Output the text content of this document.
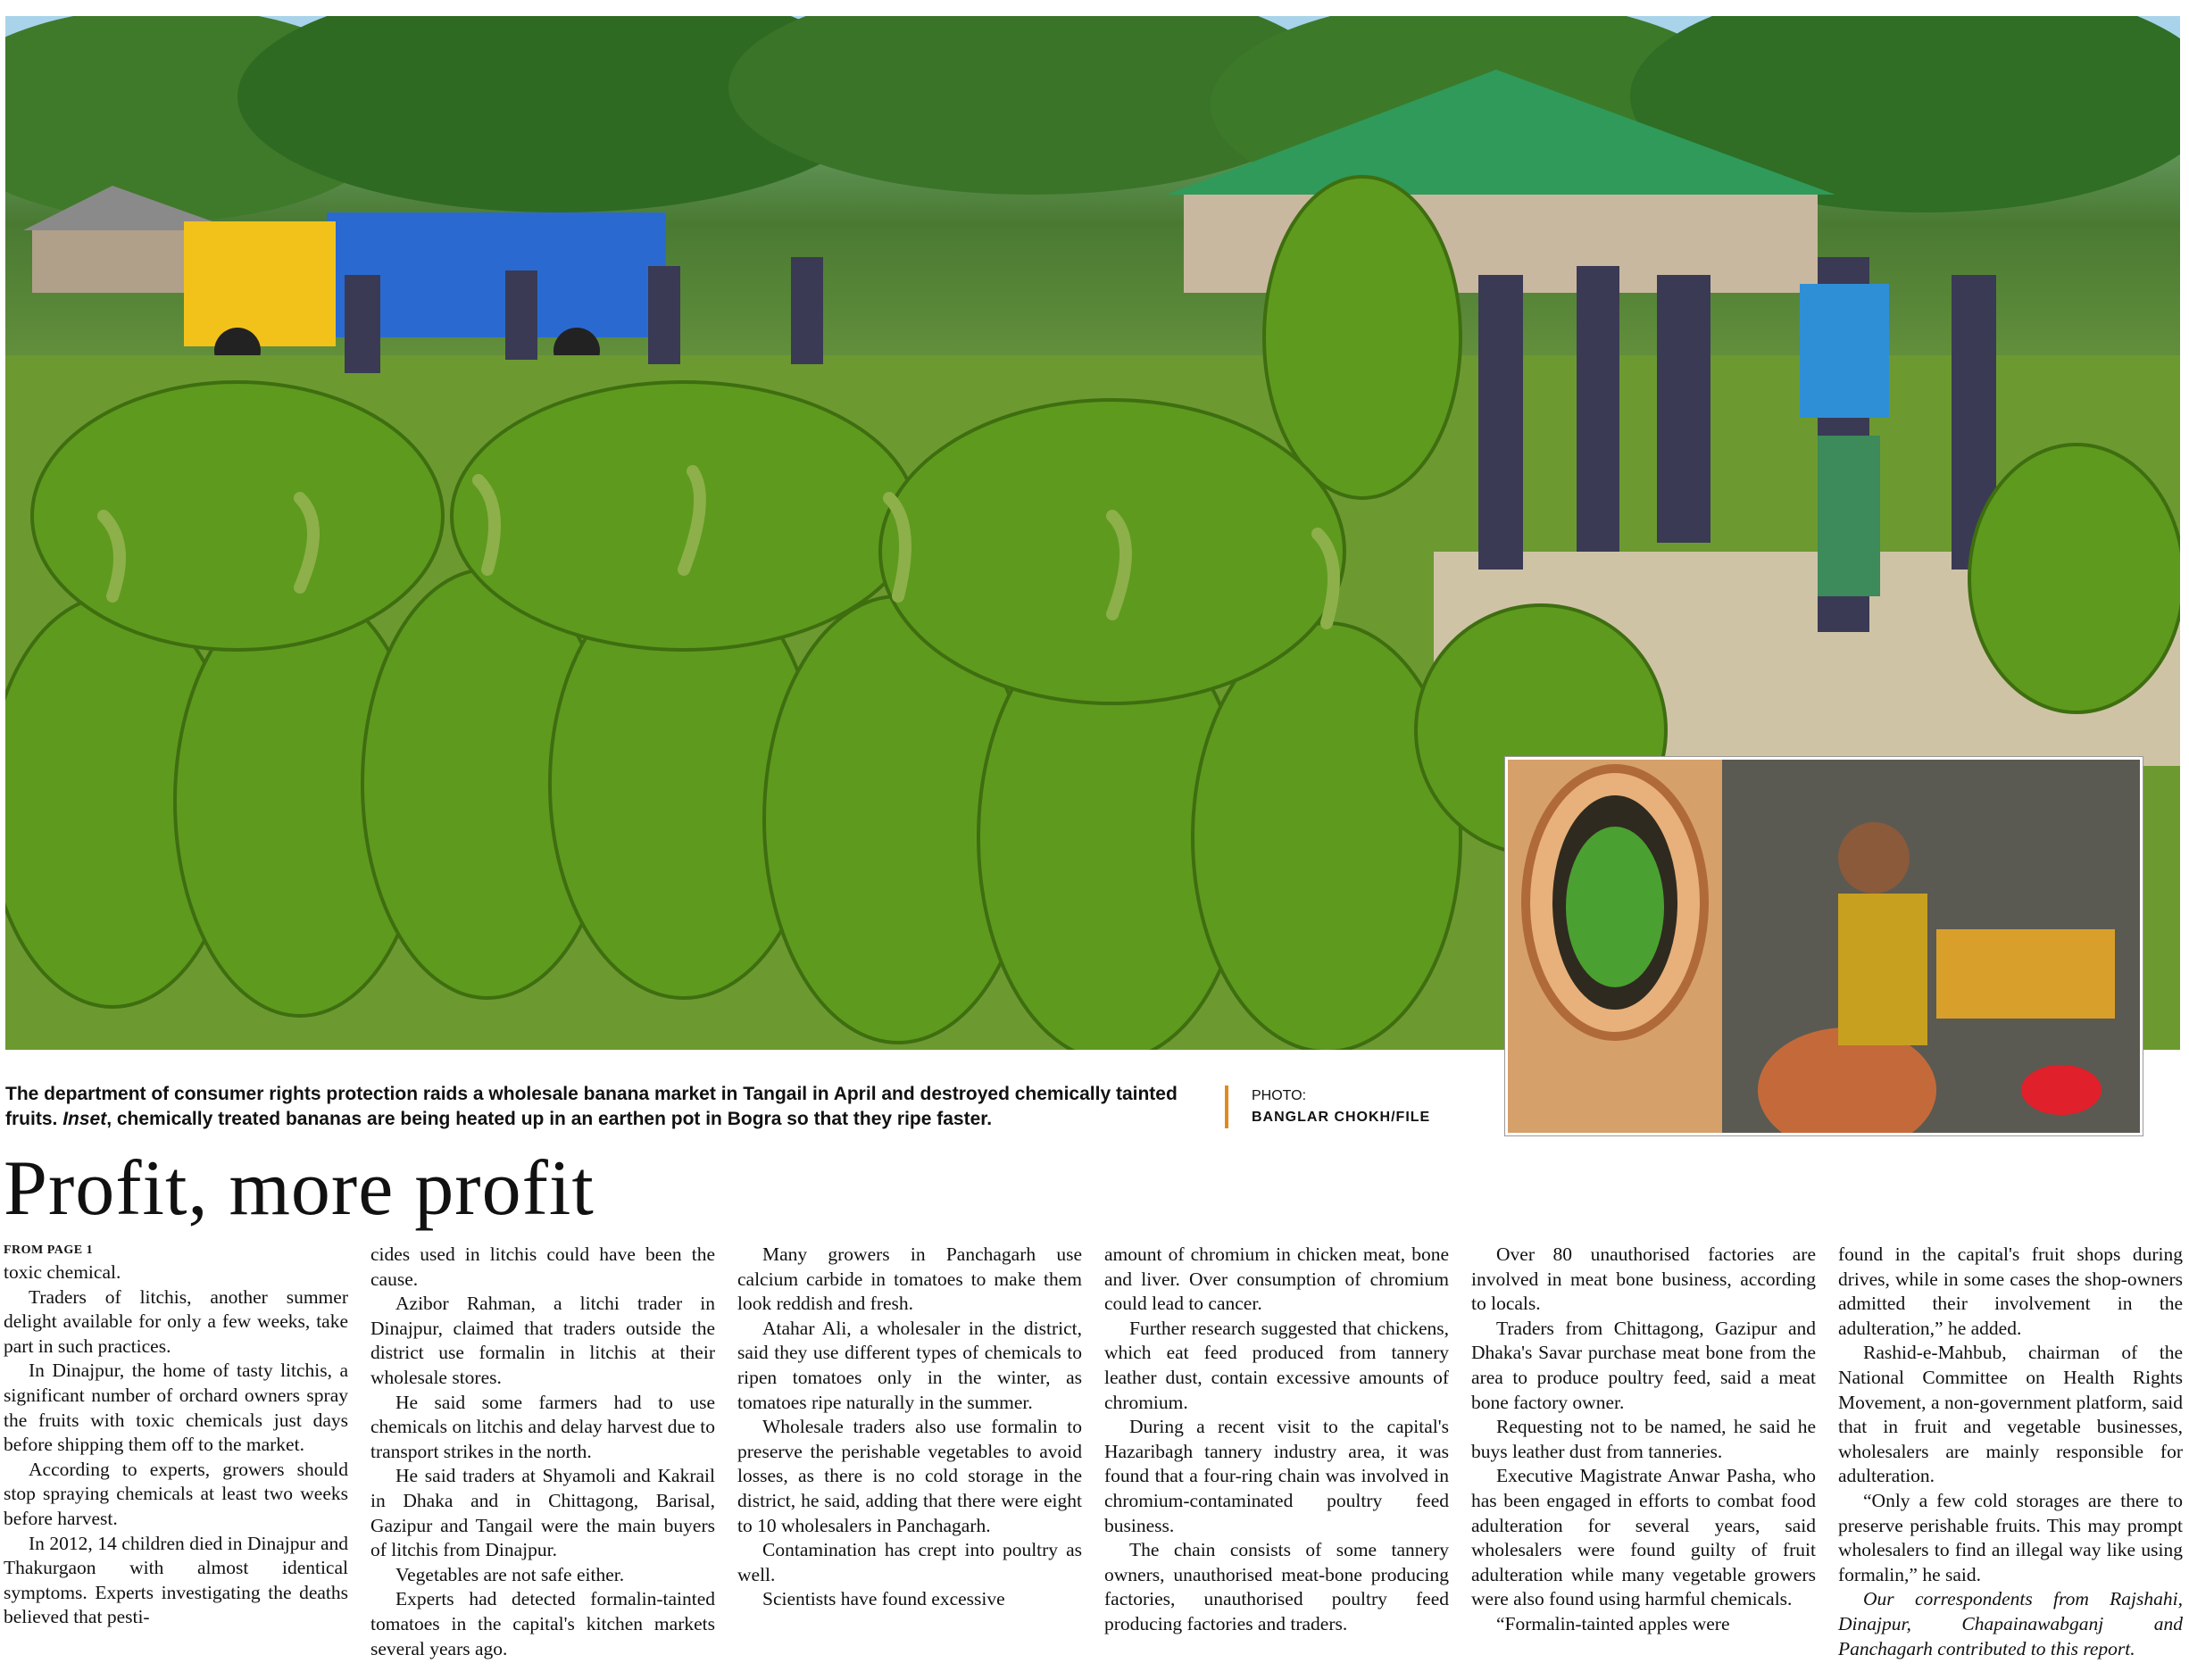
The department of consumer rights protection raids a wholesale banana market in Tangail in April and destroyed chemically tainted fruits. Inset, chemically treated bananas are being heated up in an earthen pot in Bogra so that they ripe faster.
PHOTO:
BANGLAR CHOKH/FILE
Profit, more profit
FROM PAGE 1

toxic chemical.

Traders of litchis, another summer delight available for only a few weeks, take part in such practices.

In Dinajpur, the home of tasty litchis, a significant number of orchard owners spray the fruits with toxic chemicals just days before shipping them off to the market.

According to experts, growers should stop spraying chemicals at least two weeks before harvest.

In 2012, 14 children died in Dinajpur and Thakurgaon with almost identical symptoms. Experts investigating the deaths believed that pesti-

cides used in litchis could have been the cause.

Azibor Rahman, a litchi trader in Dinajpur, claimed that traders outside the district use formalin in litchis at their wholesale stores.

He said some farmers had to use chemicals on litchis and delay harvest due to transport strikes in the north.

He said traders at Shyamoli and Kakrail in Dhaka and in Chittagong, Barisal, Gazipur and Tangail were the main buyers of litchis from Dinajpur.

Vegetables are not safe either.

Experts had detected formalin-tainted tomatoes in the capital's kitchen markets several years ago.

Many growers in Panchagarh use calcium carbide in tomatoes to make them look reddish and fresh.

Atahar Ali, a wholesaler in the district, said they use different types of chemicals to ripen tomatoes only in the winter, as tomatoes ripe naturally in the summer.

Wholesale traders also use formalin to preserve the perishable vegetables to avoid losses, as there is no cold storage in the district, he said, adding that there were eight to 10 wholesalers in Panchagarh.

Contamination has crept into poultry as well.

Scientists have found excessive

amount of chromium in chicken meat, bone and liver. Over consumption of chromium could lead to cancer.

Further research suggested that chickens, which eat feed produced from tannery leather dust, contain excessive amounts of chromium.

During a recent visit to the capital's Hazaribagh tannery industry area, it was found that a four-ring chain was involved in chromium-contaminated poultry feed business.

The chain consists of some tannery owners, unauthorised meat-bone producing factories, unauthorised poultry feed producing factories and traders.

Over 80 unauthorised factories are involved in meat bone business, according to locals.

Traders from Chittagong, Gazipur and Dhaka's Savar purchase meat bone from the area to produce poultry feed, said a meat bone factory owner.

Requesting not to be named, he said he buys leather dust from tanneries.

Executive Magistrate Anwar Pasha, who has been engaged in efforts to combat food adulteration for several years, said wholesalers were found guilty of fruit adulteration while many vegetable growers were also found using harmful chemicals.

“Formalin-tainted apples were

found in the capital's fruit shops during drives, while in some cases the shop-owners admitted their involvement in the adulteration,” he added.

Rashid-e-Mahbub, chairman of the National Committee on Health Rights Movement, a non-government platform, said that in fruit and vegetable businesses, wholesalers are mainly responsible for adulteration.

“Only a few cold storages are there to preserve perishable fruits. This may prompt wholesalers to find an illegal way like using formalin,” he said.

Our correspondents from Rajshahi, Dinajpur, Chapainawabganj and Panchagarh contributed to this report.
